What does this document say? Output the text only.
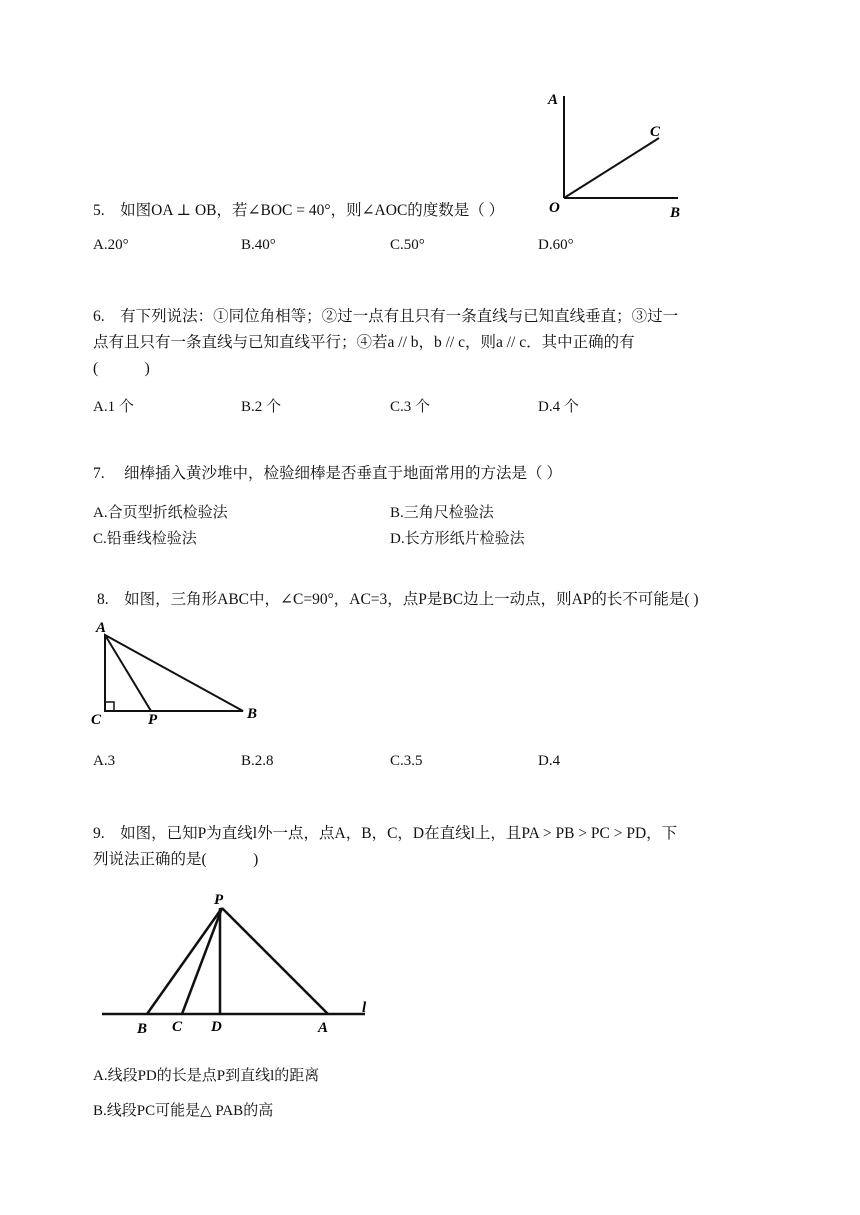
A
C
O	B
5. 如图OA ⊥ OB，若∠BOC = 40°，则∠AOC的度数是（ ）
A.20°	B.40°	C.50°	D.60°
6. 有下列说法：①同位角相等；②过一点有且只有一条直线与已知直线垂直；③过一
点有且只有一条直线与已知直线平行；④若a // b，b // c，则a // c．其中正确的有
(　　　)
A.1 个	B.2 个	C.3 个	D.4 个
7. 细棒插入黄沙堆中，检验细棒是否垂直于地面常用的方法是（ ）
A.合页型折纸检验法	B.三角尺检验法
C.铅垂线检验法	D.长方形纸片检验法
8. 如图，三角形ABC中，∠C=90°，AC=3，点P是BC边上一动点，则AP的长不可能是( )
A
C	P	B
A.3	B.2.8	C.3.5	D.4
9. 如图，已知P为直线l外一点，点A，B，C，D在直线l上，且PA > PB > PC > PD，下
列说法正确的是(　　　)
P
B C D	A
l
A.线段PD的长是点P到直线l的距离
B.线段PC可能是△ PAB的高
